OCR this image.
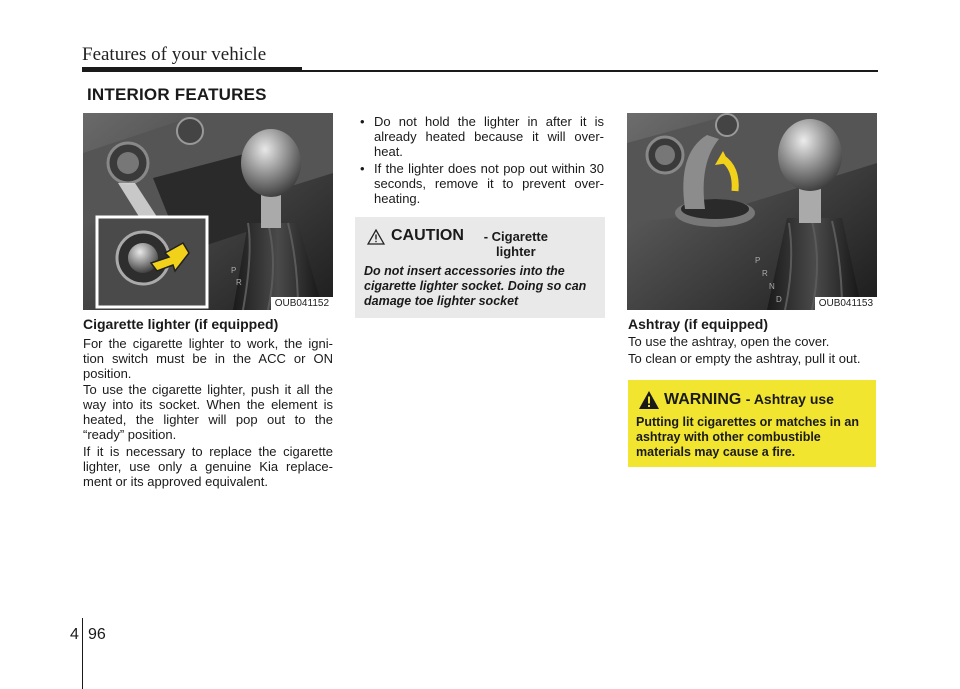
Features of your vehicle
INTERIOR FEATURES
P
R
OUB041152
Cigarette lighter (if equipped)
For the cigarette lighter to work, the igni-tion switch must be in the ACC or ON position.
To use the cigarette lighter, push it all the way into its socket. When the element is heated, the lighter will pop out to the “ready” position.
If it is necessary to replace the cigarette lighter, use only a genuine Kia replace-ment or its approved equivalent.
• Do not hold the lighter in after it is already heated because it will over-heat.
• If the lighter does not pop out within 30 seconds, remove it to prevent over-heating.
CAUTION - Cigarette lighter
Do not insert accessories into the cigarette lighter socket. Doing so can damage toe lighter socket
P
R
N
D	OUB041153
Ashtray (if equipped)
To use the ashtray, open the cover.
To clean or empty the ashtray, pull it out.
WARNING - Ashtray use
Putting lit cigarettes or matches in an ashtray with other combustible materials may cause a fire.
4 96
